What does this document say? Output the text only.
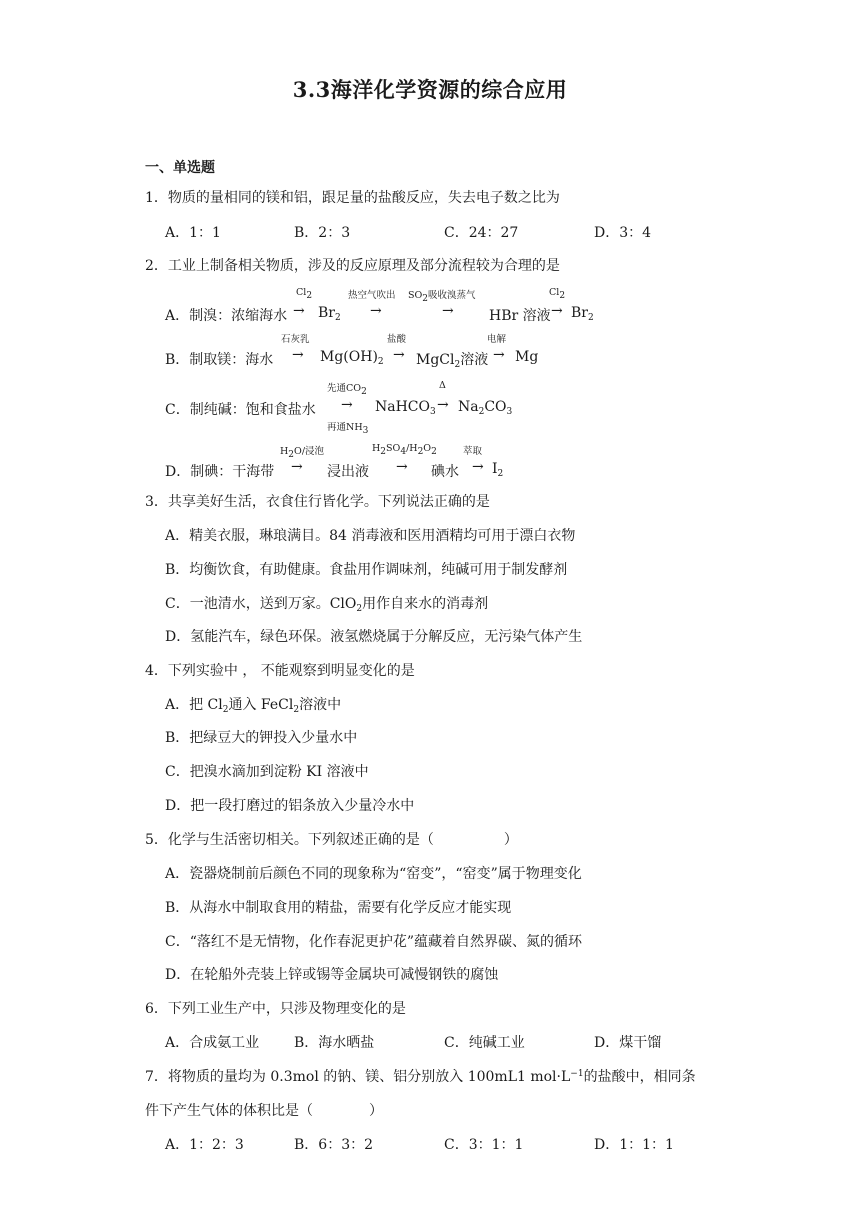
3.3海洋化学资源的综合应用
一、单选题
1．物质的量相同的镁和铝，跟足量的盐酸反应，失去电子数之比为
A．1：1	B．2：3	C．24：27	D．3：4
2．工业上制备相关物质，涉及的反应原理及部分流程较为合理的是
$Cl_2$	热空气吹出 $SO_2$吸收溴蒸气	$Cl_2$
A．制溴：浓缩海水 → $Br_2$ →	→	HBr 溶液 → $Br_2$
石灰乳	盐酸	电解
B．制取镁：海水 → $Mg(OH)_2$ → MgCl$_2$溶液 → Mg
先通$CO_2$
Δ
C．制纯碱：饱和食盐水 → NaHCO$_3$ → $Na_2CO_3$
再通$NH_3$
$H_2O/$浸泡	$H_2SO_4/H_2O_2$	萃取
D．制碘：干海带 → 浸出液 → 碘水 → $I_2$
3．共享美好生活，衣食住行皆化学。下列说法正确的是
A．精美衣服，琳琅满目。84 消毒液和医用酒精均可用于漂白衣物
B．均衡饮食，有助健康。食盐用作调味剂，纯碱可用于制发酵剂
C．一池清水，送到万家。ClO$_2$用作自来水的消毒剂
D．氢能汽车，绿色环保。液氢燃烧属于分解反应，无污染气体产生
4．下列实验中 ， 不能观察到明显变化的是
A．把 $Cl_2$通入 FeCl$_2$溶液中
B．把绿豆大的钾投入少量水中
C．把溴水滴加到淀粉 KI 溶液中
D．把一段打磨过的铝条放入少量冷水中
5．化学与生活密切相关。下列叙述正确的是（　　　　　）
A．瓷器烧制前后颜色不同的现象称为“窑变”，“窑变”属于物理变化
B．从海水中制取食用的精盐，需要有化学反应才能实现
C．“落红不是无情物，化作春泥更护花”蕴藏着自然界碳、氮的循环
D．在轮船外壳装上锌或锡等金属块可减慢钢铁的腐蚀
6．下列工业生产中，只涉及物理变化的是
A．合成氨工业 B．海水晒盐	C．纯碱工业	D．煤干馏
7．将物质的量均为 0.3mol 的钠、镁、铝分别放入 100mL1 $mol\cdot L^{-1}$的盐酸中，相同条
件下产生气体的体积比是（　　　　）
A．1：2：3	B．6：3：2	C．3：1：1	D．1：1：1
